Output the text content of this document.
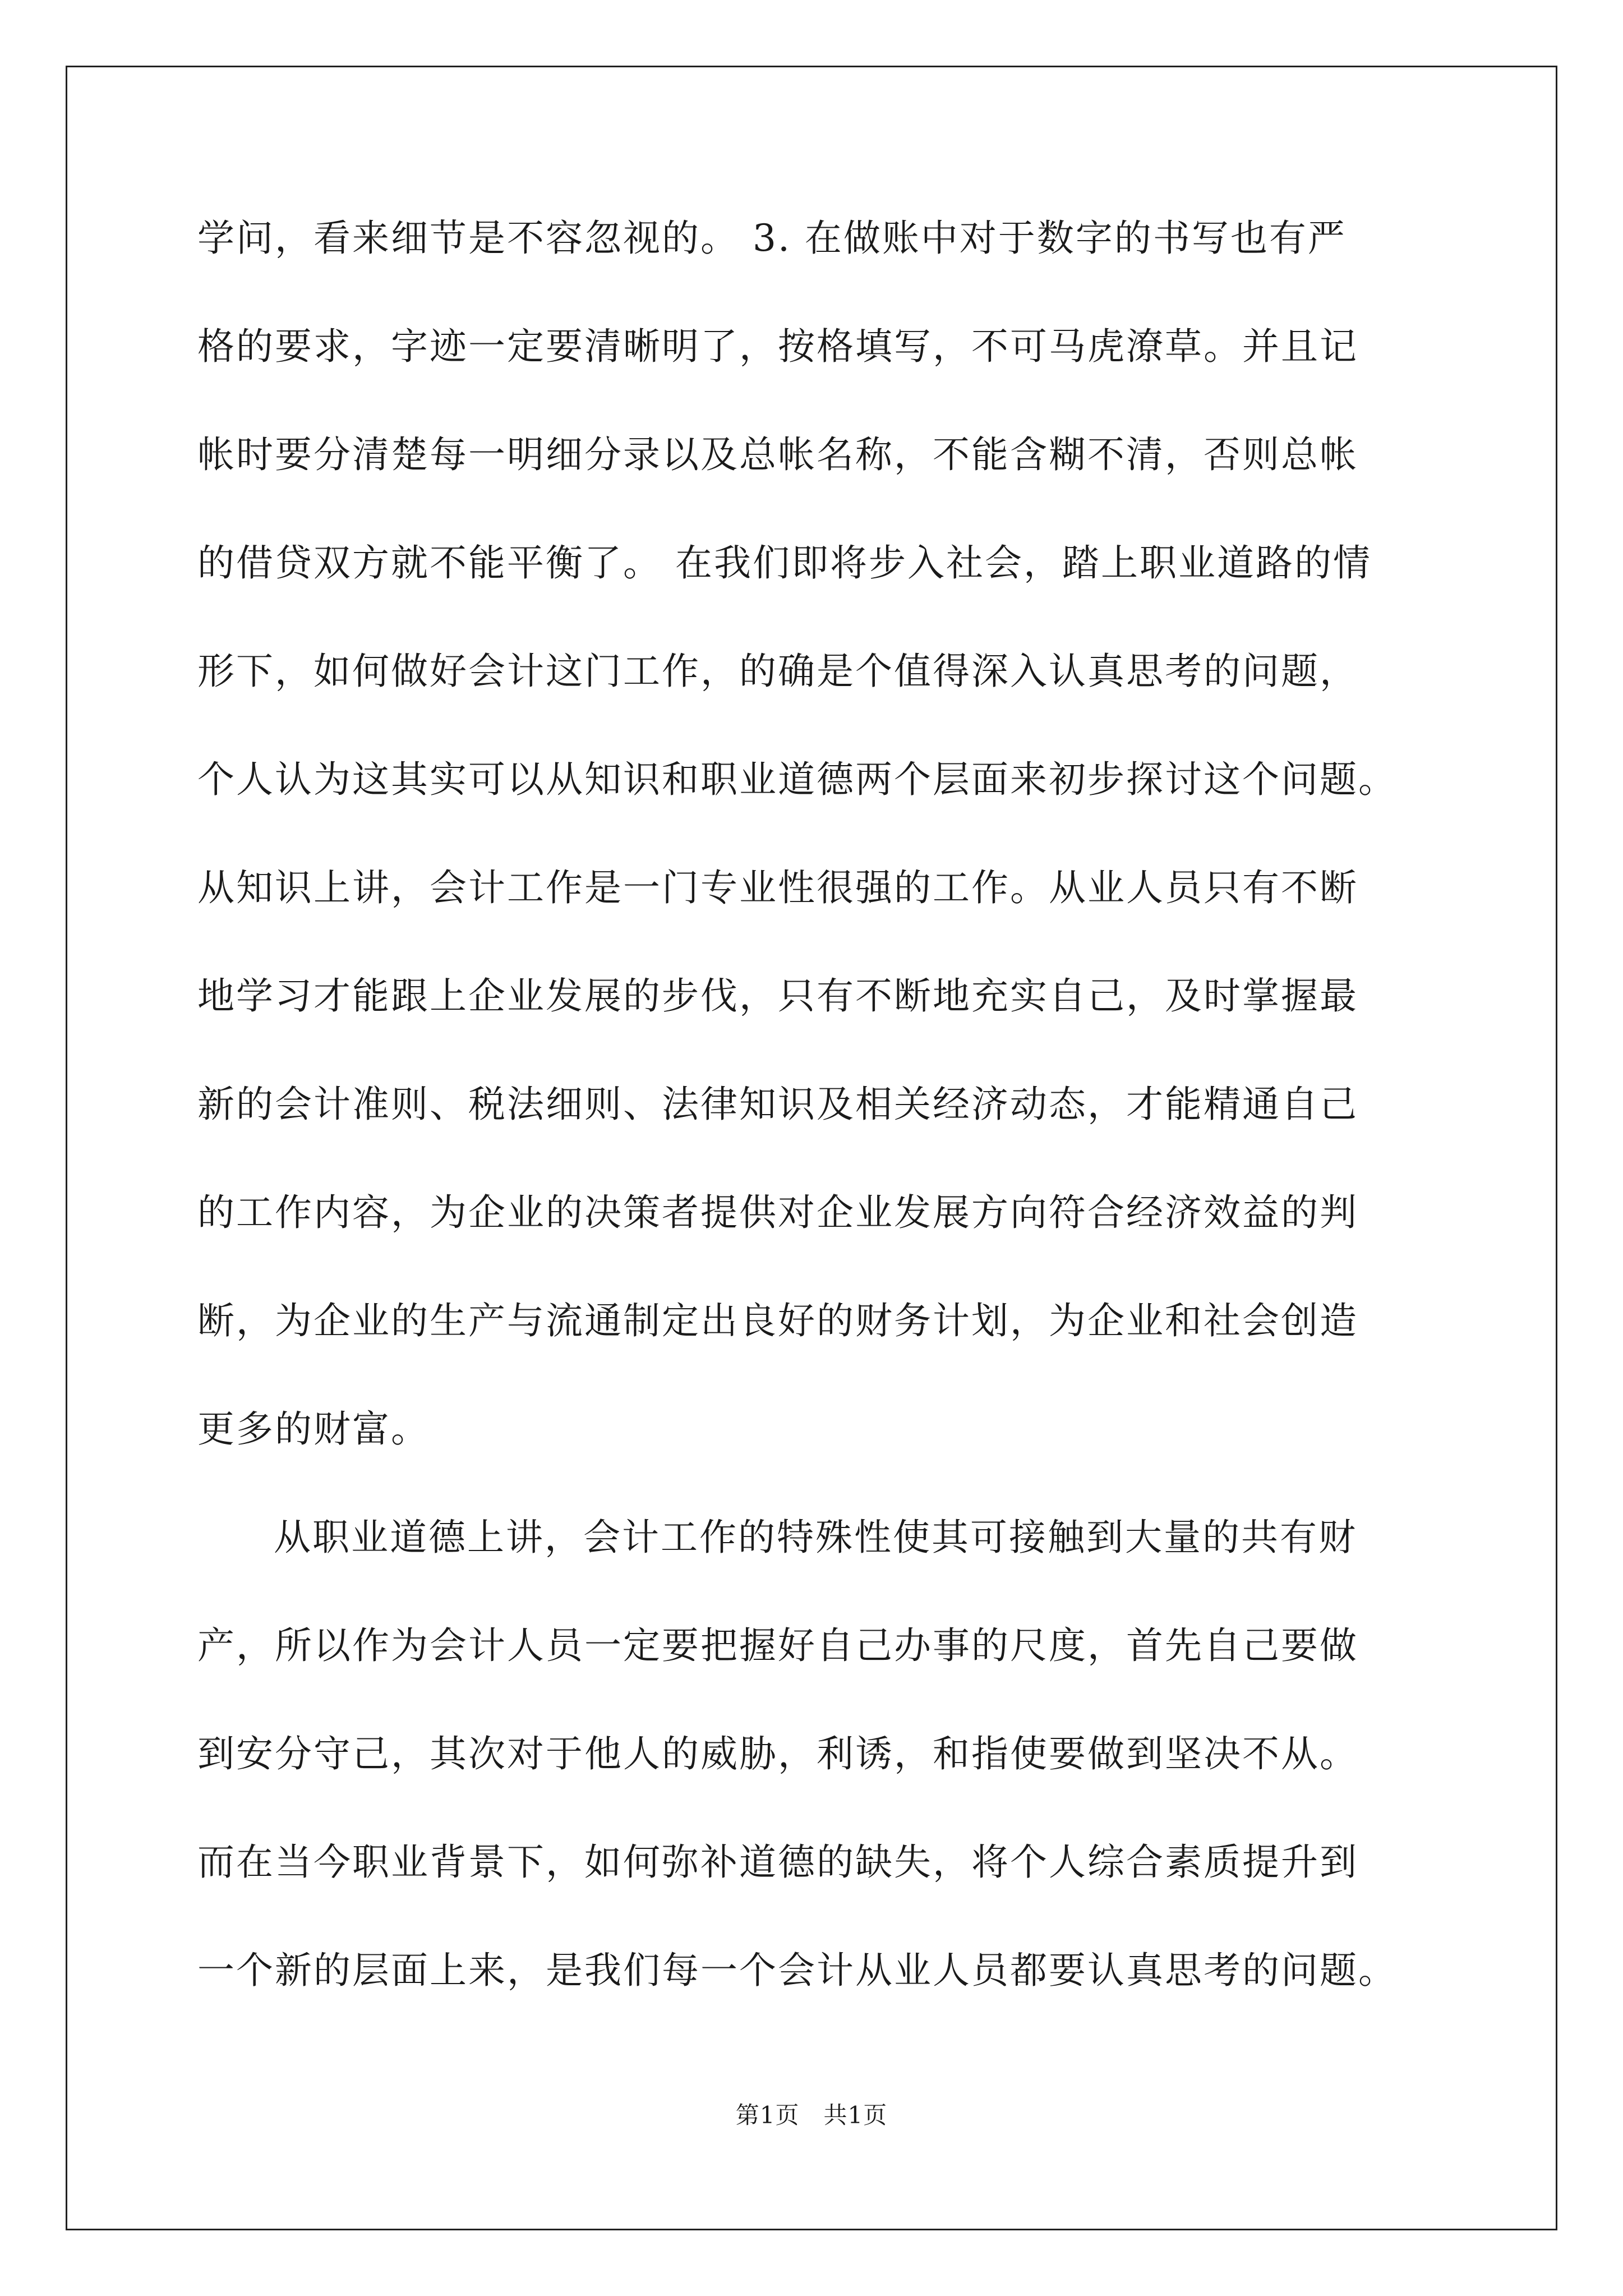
学问，看来细节是不容忽视的。 3. 在做账中对于数字的书写也有严
格的要求，字迹一定要清晰明了，按格填写，不可马虎潦草。并且记
帐时要分清楚每一明细分录以及总帐名称，不能含糊不清，否则总帐
的借贷双方就不能平衡了。 在我们即将步入社会，踏上职业道路的情
形下，如何做好会计这门工作，的确是个值得深入认真思考的问题，
个人认为这其实可以从知识和职业道德两个层面来初步探讨这个问题。
从知识上讲，会计工作是一门专业性很强的工作。从业人员只有不断
地学习才能跟上企业发展的步伐，只有不断地充实自己，及时掌握最
新的会计准则、税法细则、法律知识及相关经济动态，才能精通自己
的工作内容，为企业的决策者提供对企业发展方向符合经济效益的判
断，为企业的生产与流通制定出良好的财务计划，为企业和社会创造
更多的财富。
从职业道德上讲，会计工作的特殊性使其可接触到大量的共有财
产，所以作为会计人员一定要把握好自己办事的尺度，首先自己要做
到安分守己，其次对于他人的威胁，利诱，和指使要做到坚决不从。
而在当今职业背景下，如何弥补道德的缺失，将个人综合素质提升到
一个新的层面上来，是我们每一个会计从业人员都要认真思考的问题。
第1页　共1页
